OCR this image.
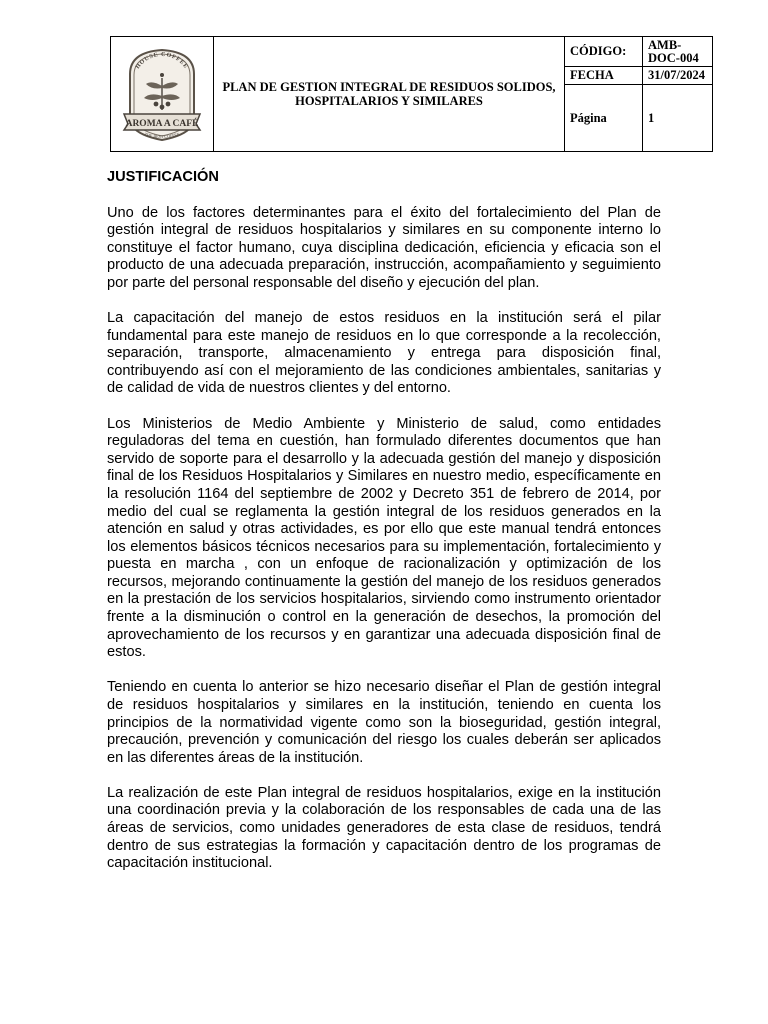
HOUSE COFFEE
AROMA A CAFÉ
THE BEST COFFEE	PLAN DE GESTION INTEGRAL DE RESIDUOS SOLIDOS, HOSPITALARIOS Y SIMILARES	CÓDIGO:	AMB-DOC-004
		FECHA	31/07/2024
		Página	1
JUSTIFICACIÓN

Uno de los factores determinantes para el éxito del fortalecimiento del Plan de gestión integral de residuos hospitalarios y similares en su componente interno lo constituye el factor humano, cuya disciplina dedicación, eficiencia y eficacia son el producto de una adecuada preparación, instrucción, acompañamiento y seguimiento por parte del personal responsable del diseño y ejecución del plan.

La capacitación del manejo de estos residuos en la institución será el pilar fundamental para este manejo de residuos en lo que corresponde a la recolección, separación, transporte, almacenamiento y entrega para disposición final, contribuyendo así con el mejoramiento de las condiciones ambientales, sanitarias y de calidad de vida de nuestros clientes y del entorno.

Los Ministerios de Medio Ambiente y Ministerio de salud, como entidades reguladoras del tema en cuestión, han formulado diferentes documentos que han servido de soporte para el desarrollo y la adecuada gestión del manejo y disposición final de los Residuos Hospitalarios y Similares en nuestro medio, específicamente en la resolución 1164 del septiembre de 2002 y Decreto 351 de febrero de 2014, por medio del cual se reglamenta la gestión integral de los residuos generados en la atención en salud y otras actividades, es por ello que este manual tendrá entonces los elementos básicos técnicos necesarios para su implementación, fortalecimiento y puesta en marcha , con un enfoque de racionalización y optimización de los recursos, mejorando continuamente la gestión del manejo de los residuos generados en la prestación de los servicios hospitalarios, sirviendo como instrumento orientador frente a la disminución o control en la generación de desechos, la promoción del aprovechamiento de los recursos y en garantizar una adecuada disposición final de estos.

Teniendo en cuenta lo anterior se hizo necesario diseñar el Plan de gestión integral de residuos hospitalarios y similares en la institución, teniendo en cuenta los principios de la normatividad vigente como son la bioseguridad, gestión integral, precaución, prevención y comunicación del riesgo los cuales deberán ser aplicados en las diferentes áreas de la institución.

La realización de este Plan integral de residuos hospitalarios, exige en la institución una coordinación previa y la colaboración de los responsables de cada una de las áreas de servicios, como unidades generadores de esta clase de residuos, tendrá dentro de sus estrategias la formación y capacitación dentro de los programas de capacitación institucional.
